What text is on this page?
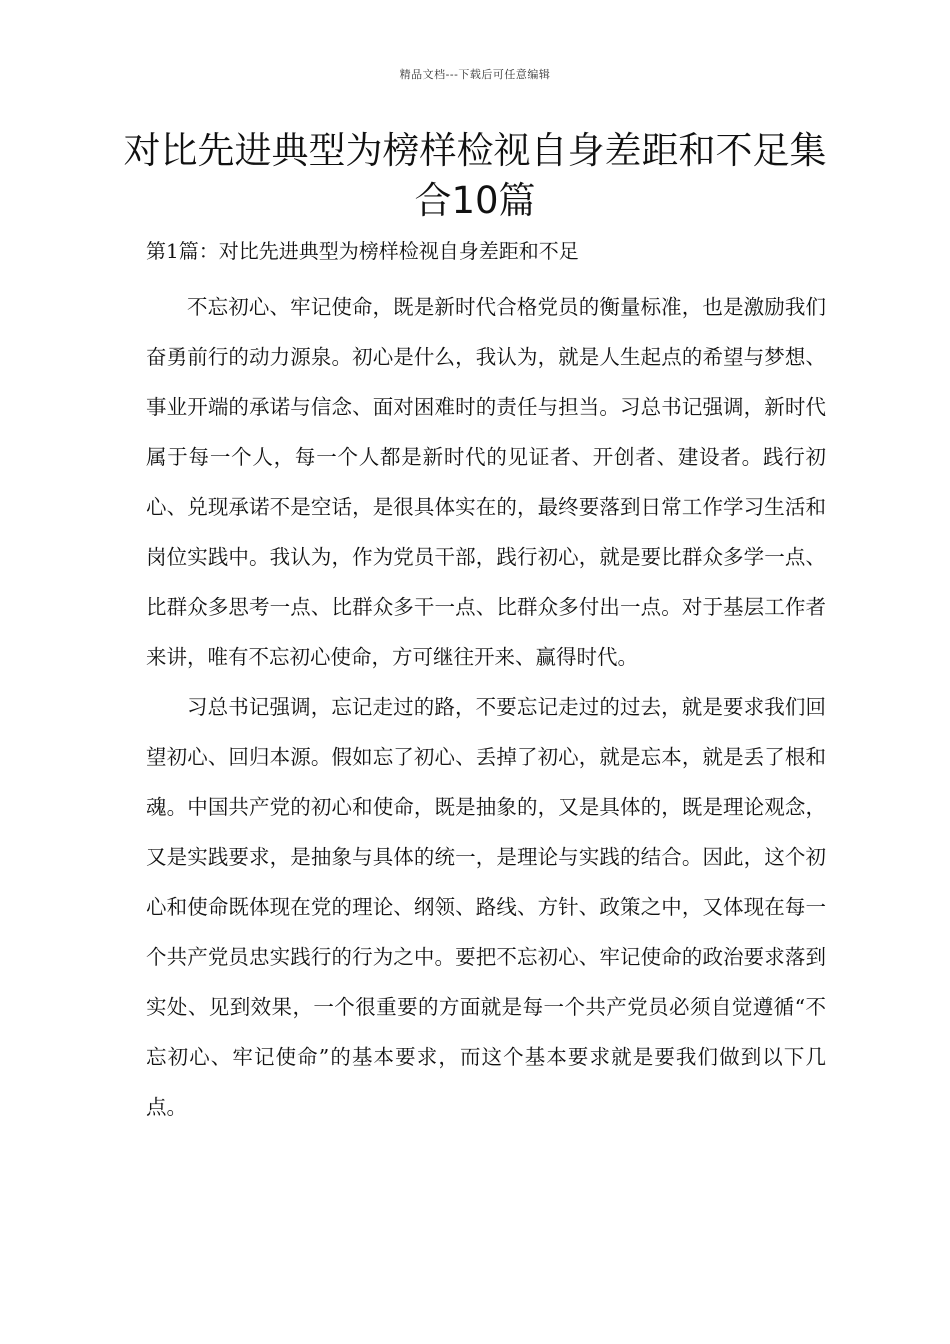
精品文档---下载后可任意编辑
对比先进典型为榜样检视自身差距和不足集合10篇
第1篇：对比先进典型为榜样检视自身差距和不足

不忘初心、牢记使命，既是新时代合格党员的衡量标准，也是激励我们奋勇前行的动力源泉。初心是什么，我认为，就是人生起点的希望与梦想、事业开端的承诺与信念、面对困难时的责任与担当。习总书记强调，新时代属于每一个人，每一个人都是新时代的见证者、开创者、建设者。践行初心、兑现承诺不是空话，是很具体实在的，最终要落到日常工作学习生活和岗位实践中。我认为，作为党员干部，践行初心，就是要比群众多学一点、比群众多思考一点、比群众多干一点、比群众多付出一点。对于基层工作者来讲，唯有不忘初心使命，方可继往开来、赢得时代。

习总书记强调，忘记走过的路，不要忘记走过的过去，就是要求我们回望初心、回归本源。假如忘了初心、丢掉了初心，就是忘本，就是丢了根和魂。中国共产党的初心和使命，既是抽象的，又是具体的，既是理论观念，又是实践要求，是抽象与具体的统一，是理论与实践的结合。因此，这个初心和使命既体现在党的理论、纲领、路线、方针、政策之中，又体现在每一个共产党员忠实践行的行为之中。要把不忘初心、牢记使命的政治要求落到实处、见到效果，一个很重要的方面就是每一个共产党员必须自觉遵循“不忘初心、牢记使命”的基本要求，而这个基本要求就是要我们做到以下几点。
